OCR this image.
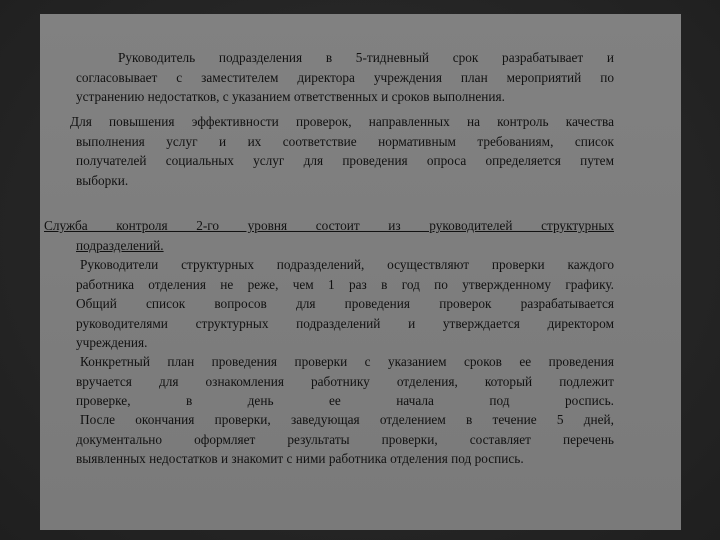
Руководитель подразделения в 5-тидневный срок разрабатывает и
согласовывает с заместителем директора учреждения план мероприятий по
устранению недостатков, с указанием ответственных и сроков выполнения.
Для повышения эффективности проверок, направленных на контроль качества
выполнения услуг и их соответствие нормативным требованиям, список
получателей социальных услуг для проведения опроса определяется путем
выборки.
Служба контроля 2-го уровня состоит из руководителей структурных
подразделений.
Руководители структурных подразделений, осуществляют проверки каждого
работника отделения не реже, чем 1 раз в год по утвержденному графику.
Общий список вопросов для проведения проверок разрабатывается
руководителями структурных подразделений и утверждается директором
учреждения.
Конкретный план проведения проверки с указанием сроков ее проведения
вручается для ознакомления работнику отделения, который подлежит
проверке, в день ее начала под роспись.
После окончания проверки, заведующая отделением в течение 5 дней,
документально оформляет результаты проверки, составляет перечень
выявленных недостатков и знакомит с ними работника отделения под роспись.
